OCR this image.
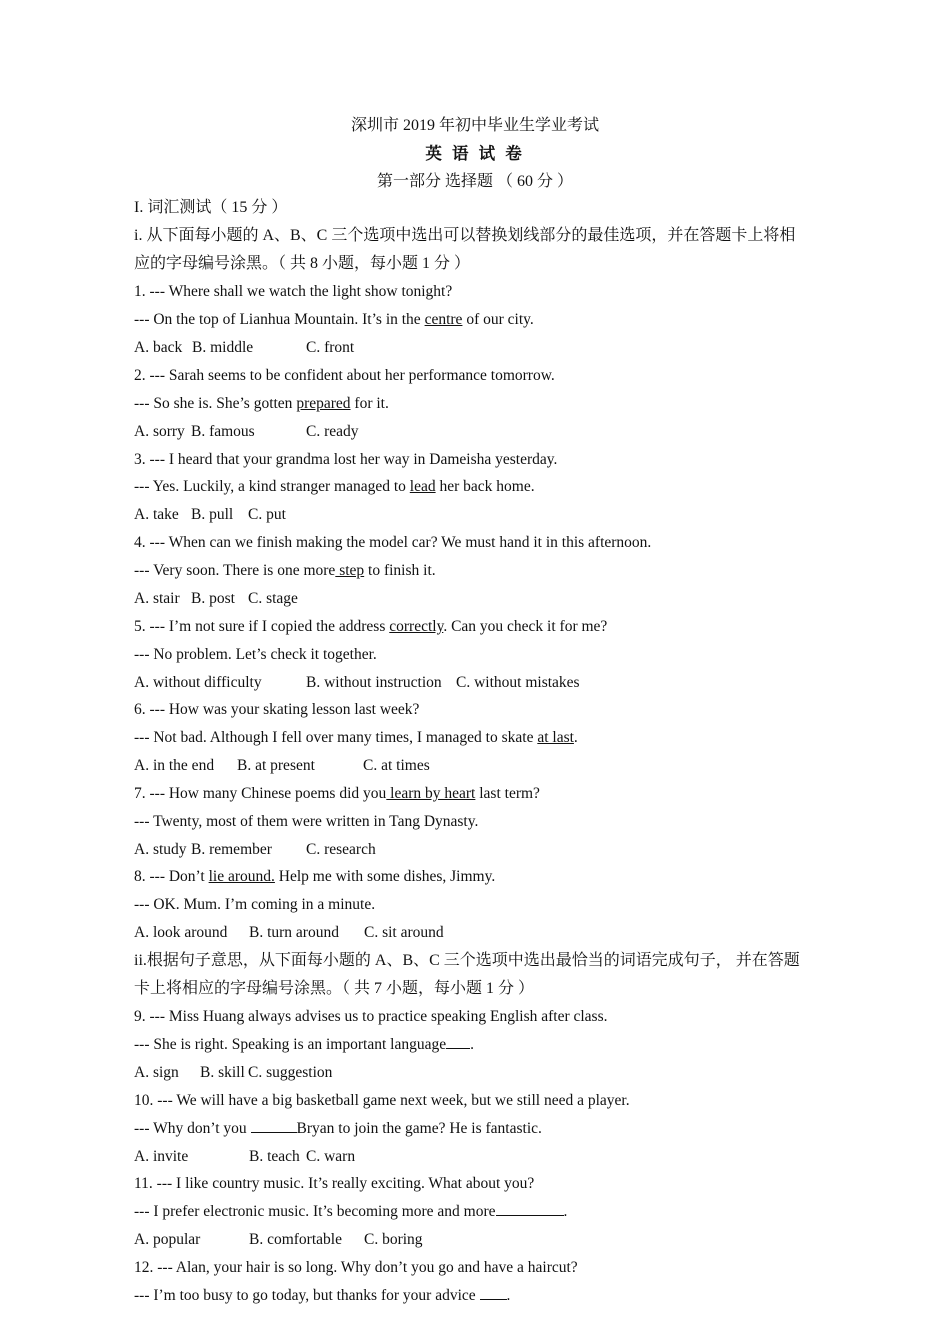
深圳市 2019 年初中毕业生学业考试
英 语 试 卷
第一部分 选择题 （ 60 分 ）
I. 词汇测试（ 15 分 ）
i. 从下面每小题的 A、B、C 三个选项中选出可以替换划线部分的最佳选项，并在答题卡上将相
应的字母编号涂黑。（ 共 8 小题，每小题 1 分 ）
1. --- Where shall we watch the light show tonight?
--- On the top of Lianhua Mountain. It’s in the centre of our city.
A. back B. middle	C. front
2. --- Sarah seems to be confident about her performance tomorrow.
--- So she is. She’s gotten prepared for it.
A. sorry B. famous	C. ready
3. --- I heard that your grandma lost her way in Dameisha yesterday.
--- Yes. Luckily, a kind stranger managed to lead her back home.
A. take B. pull C. put
4. --- When can we finish making the model car? We must hand it in this afternoon.
--- Very soon. There is one more step to finish it.
A. stair B. post C. stage
5. --- I’m not sure if I copied the address correctly. Can you check it for me?
--- No problem. Let’s check it together.
A. without difficulty	B. without instruction C. without mistakes
6. --- How was your skating lesson last week?
--- Not bad. Although I fell over many times, I managed to skate at last.
A. in the end B. at present	C. at times
7. --- How many Chinese poems did you learn by heart last term?
--- Twenty, most of them were written in Tang Dynasty.
A. study B. remember C. research
8. --- Don’t lie around. Help me with some dishes, Jimmy.
--- OK. Mum. I’m coming in a minute.
A. look around B. turn around C. sit around
ii.根据句子意思，从下面每小题的 A、B、C 三个选项中选出最恰当的词语完成句子， 并在答题
卡上将相应的字母编号涂黑。（ 共 7 小题，每小题 1 分 ）
9. --- Miss Huang always advises us to practice speaking English after class.
--- She is right. Speaking is an important language .
A. sign B. skill C. suggestion
10. --- We will have a big basketball game next week, but we still need a player.
--- Why don’t you	Bryan to join the game? He is fantastic.
A. invite	B. teach C. warn
11. --- I like country music. It’s really exciting. What about you?
--- I prefer electronic music. It’s becoming more and more	.
A. popular	B. comfortable C. boring
12. --- Alan, your hair is so long. Why don’t you go and have a haircut?
--- I’m too busy to go today, but thanks for your advice .
